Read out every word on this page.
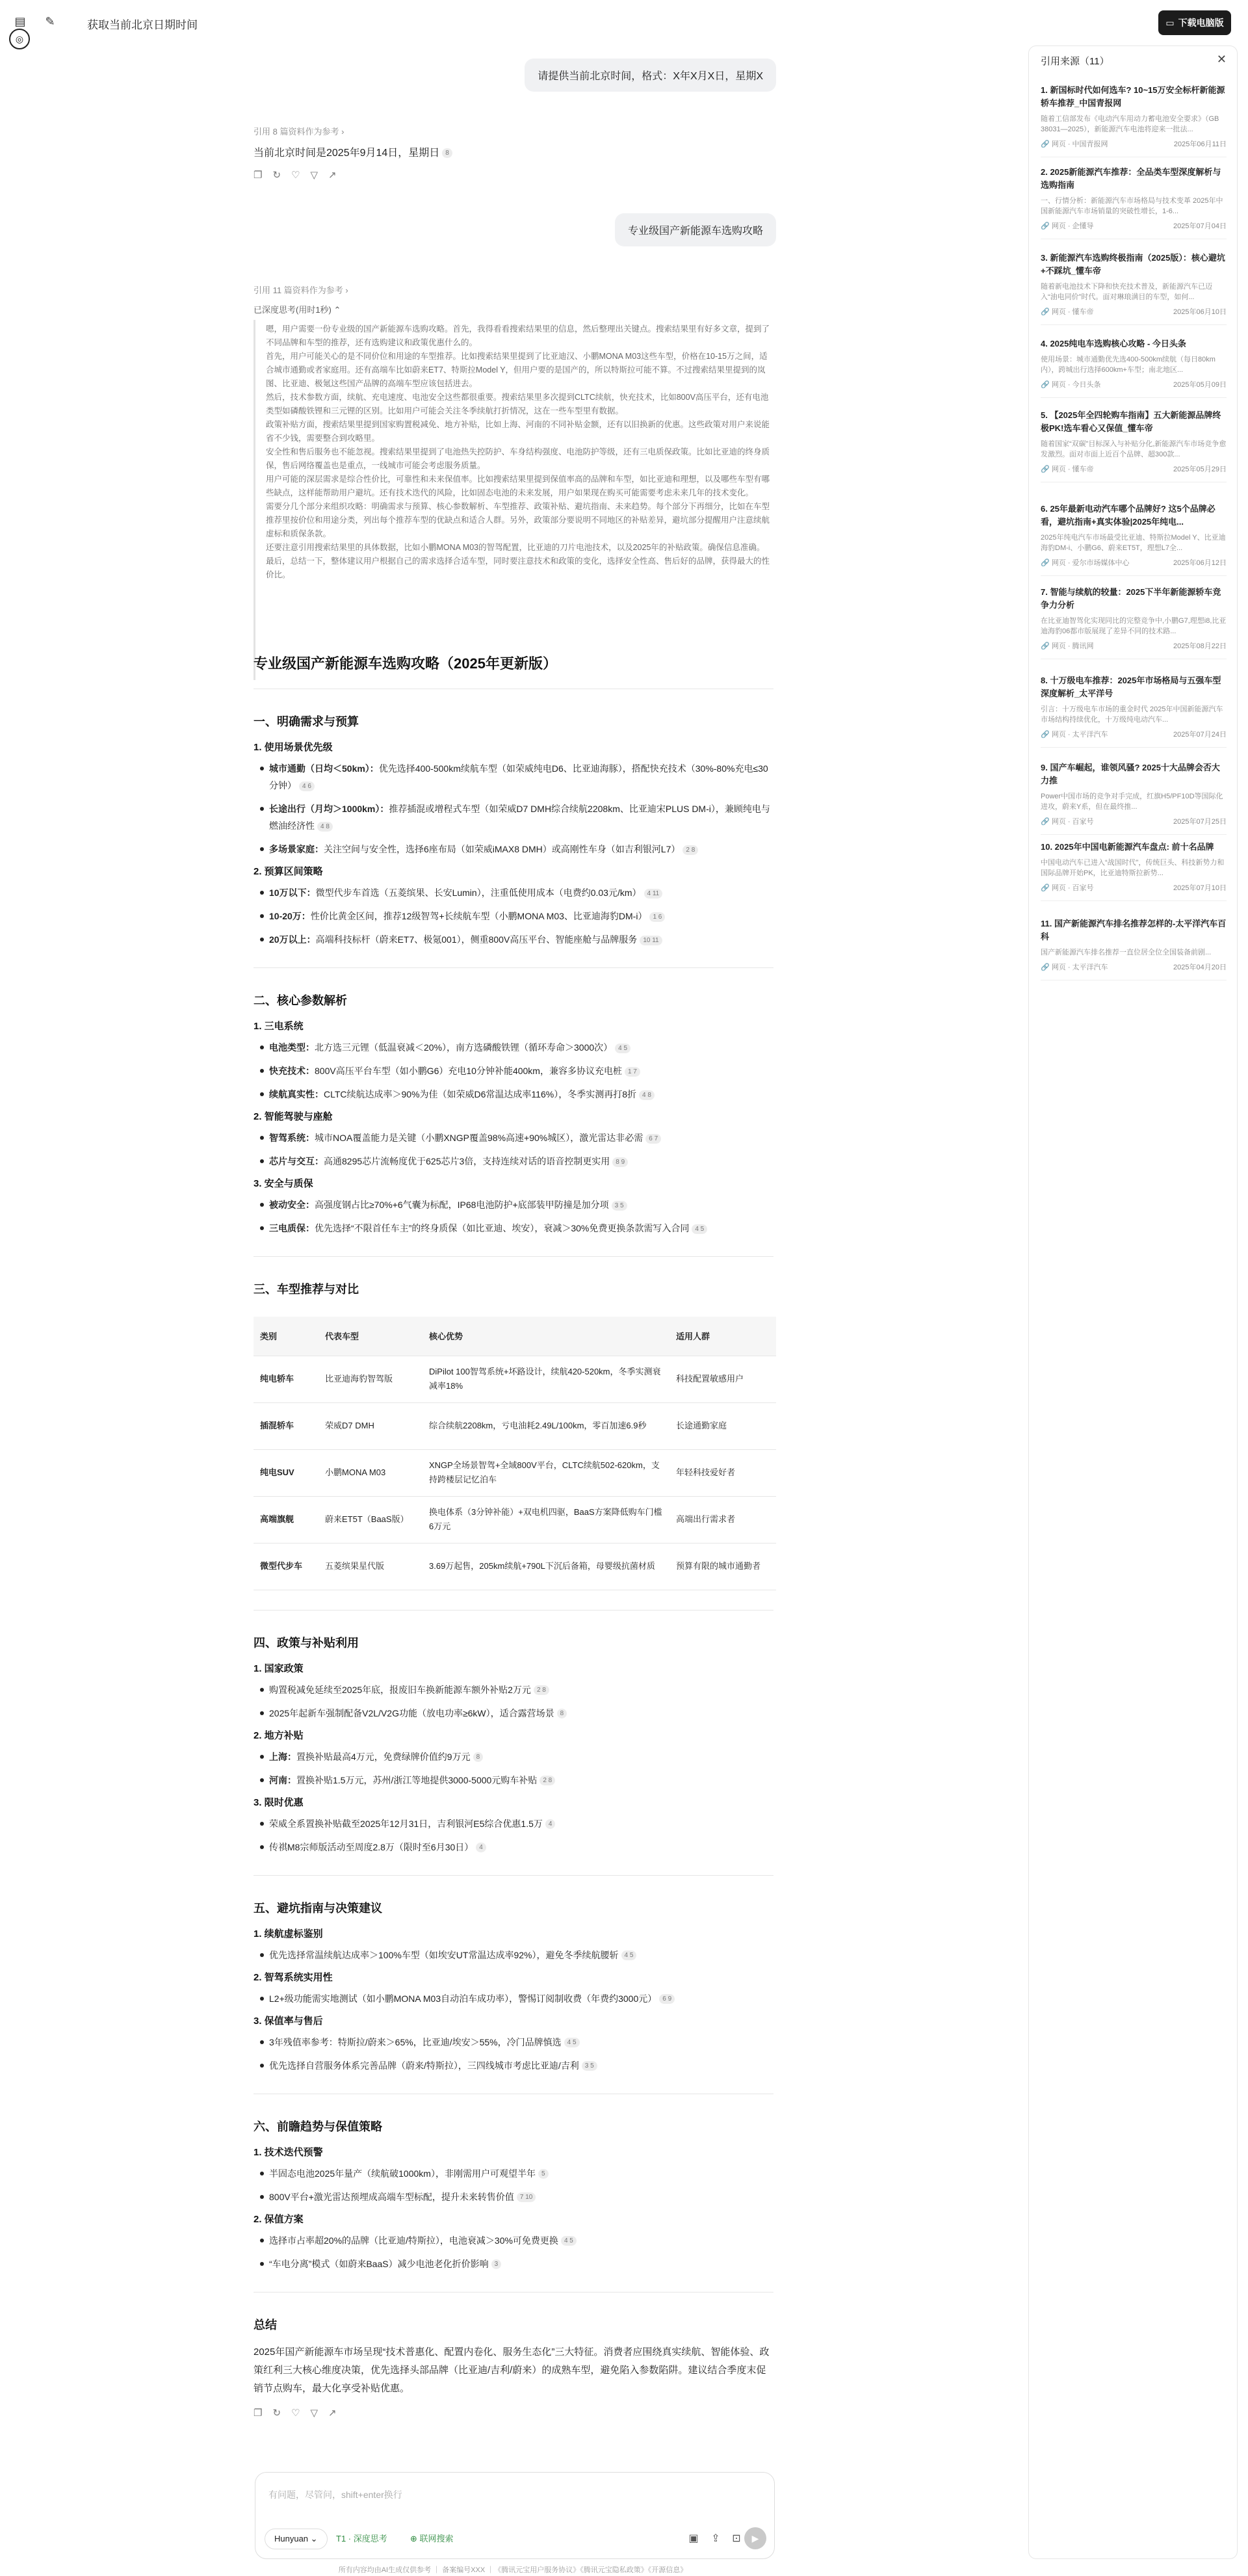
▤	✎	获取当前北京日期时间
◎
▭ 下载电脑版
请提供当前北京时间，格式：X年X月X日，星期X
引用 8 篇资料作为参考 ›
当前北京时间是2025年9月14日，星期日 8
❐ ↻ ♡ ▽ ↗
专业级国产新能源车选购攻略
引用 11 篇资料作为参考 ›
已深度思考(用时1秒) ⌃

嗯，用户需要一份专业级的国产新能源车选购攻略。首先，我得看看搜索结果里的信息，然后整理出关键点。搜索结果里有好多文章，提到了不同品牌和车型的推荐，还有选购建议和政策优惠什么的。

首先，用户可能关心的是不同价位和用途的车型推荐。比如搜索结果里提到了比亚迪汉、小鹏MONA M03这些车型，价格在10-15万之间，适合城市通勤或者家庭用。还有高端车比如蔚来ET7、特斯拉Model Y，但用户要的是国产的，所以特斯拉可能不算。不过搜索结果里提到的岚图、比亚迪、极氪这些国产品牌的高端车型应该包括进去。

然后，技术参数方面，续航、充电速度、电池安全这些都很重要。搜索结果里多次提到CLTC续航，快充技术，比如800V高压平台，还有电池类型如磷酸铁锂和三元锂的区别。比如用户可能会关注冬季续航打折情况，这在一些车型里有数据。

政策补贴方面，搜索结果里提到国家购置税减免、地方补贴，比如上海、河南的不同补贴金额，还有以旧换新的优惠。这些政策对用户来说能省不少钱，需要整合到攻略里。

安全性和售后服务也不能忽视。搜索结果里提到了电池热失控防护、车身结构强度、电池防护等级，还有三电质保政策。比如比亚迪的终身质保，售后网络覆盖也是重点，一线城市可能会考虑服务质量。

用户可能的深层需求是综合性价比，可靠性和未来保值率。比如搜索结果里提到保值率高的品牌和车型，如比亚迪和理想，以及哪些车型有哪些缺点，这样能帮助用户避坑。还有技术迭代的风险，比如固态电池的未来发展，用户如果现在购买可能需要考虑未来几年的技术变化。

需要分几个部分来组织攻略：明确需求与预算、核心参数解析、车型推荐、政策补贴、避坑指南、未来趋势。每个部分下再细分，比如在车型推荐里按价位和用途分类，列出每个推荐车型的优缺点和适合人群。另外，政策部分要说明不同地区的补贴差异，避坑部分提醒用户注意续航虚标和质保条款。

还要注意引用搜索结果里的具体数据，比如小鹏MONA M03的智驾配置，比亚迪的刀片电池技术，以及2025年的补贴政策。确保信息准确。

最后，总结一下，整体建议用户根据自己的需求选择合适车型，同时要注意技术和政策的变化，选择安全性高、售后好的品牌，获得最大的性价比。

专业级国产新能源车选购攻略（2025年更新版）
一、明确需求与预算
1. 使用场景优先级
城市通勤（日均＜50km）：优先选择400-500km续航车型（如荣威纯电D6、比亚迪海豚），搭配快充技术（30%-80%充电≤30分钟） 4 6
长途出行（月均＞1000km）：推荐插混或增程式车型（如荣威D7 DMH综合续航2208km、比亚迪宋PLUS DM-i），兼顾纯电与燃油经济性 4 8
多场景家庭：关注空间与安全性，选择6座布局（如荣威iMAX8 DMH）或高刚性车身（如吉利银河L7） 2 8
2. 预算区间策略
10万以下：微型代步车首选（五菱缤果、长安Lumin），注重低使用成本（电费约0.03元/km） 4 11
10-20万：性价比黄金区间，推荐12级智驾+长续航车型（小鹏MONA M03、比亚迪海豹DM-i） 1 6
20万以上：高端科技标杆（蔚来ET7、极氪001），侧重800V高压平台、智能座舱与品牌服务 10 11
二、核心参数解析
1. 三电系统
电池类型：北方选三元锂（低温衰减＜20%），南方选磷酸铁锂（循环寿命＞3000次） 4 5
快充技术：800V高压平台车型（如小鹏G6）充电10分钟补能400km，兼容多协议充电桩 1 7
续航真实性：CLTC续航达成率＞90%为佳（如荣威D6常温达成率116%），冬季实测再打8折 4 8
2. 智能驾驶与座舱
智驾系统：城市NOA覆盖能力是关键（小鹏XNGP覆盖98%高速+90%城区），激光雷达非必需 6 7
芯片与交互：高通8295芯片流畅度优于625芯片3倍，支持连续对话的语音控制更实用 8 9
3. 安全与质保
被动安全：高强度钢占比≥70%+6气囊为标配，IP68电池防护+底部装甲防撞是加分项 3 5
三电质保：优先选择“不限首任车主”的终身质保（如比亚迪、埃安），衰减＞30%免费更换条款需写入合同 4 5
三、车型推荐与对比
类别	代表车型	核心优势	适用人群
纯电轿车	比亚迪海豹智驾版	DiPilot 100智驾系统+坏路设计，续航420-520km，冬季实测衰减率18%	科技配置敏感用户
插混轿车	荣威D7 DMH	综合续航2208km，亏电油耗2.49L/100km，零百加速6.9秒	长途通勤家庭
纯电SUV	小鹏MONA M03	XNGP全场景智驾+全域800V平台，CLTC续航502-620km，支持跨楼层记忆泊车	年轻科技爱好者
高端旗舰	蔚来ET5T（BaaS版）	换电体系（3分钟补能）+双电机四驱，BaaS方案降低购车门槛6万元	高端出行需求者
微型代步车	五菱缤果星代版	3.69万起售，205km续航+790L下沉后备箱，母婴级抗菌材质	预算有限的城市通勤者
四、政策与补贴利用
1. 国家政策
购置税减免延续至2025年底，报废旧车换新能源车额外补贴2万元 2 8
2025年起新车强制配备V2L/V2G功能（放电功率≥6kW），适合露营场景 8
2. 地方补贴
上海：置换补贴最高4万元，免费绿牌价值约9万元 8
河南：置换补贴1.5万元，苏州/浙江等地提供3000-5000元购车补贴 2 8
3. 限时优惠
荣威全系置换补贴截至2025年12月31日，吉利银河E5综合优惠1.5万 4
传祺M8宗师版活动至周度2.8万（限时至6月30日） 4
五、避坑指南与决策建议
1. 续航虚标鉴别
优先选择常温续航达成率＞100%车型（如埃安UT常温达成率92%），避免冬季续航腰斩 4 5
2. 智驾系统实用性
L2+级功能需实地测试（如小鹏MONA M03自动泊车成功率），警惕订阅制收费（年费约3000元） 6 9
3. 保值率与售后
3年残值率参考：特斯拉/蔚来＞65%，比亚迪/埃安＞55%，冷门品牌慎选 4 5
优先选择自营服务体系完善品牌（蔚来/特斯拉），三四线城市考虑比亚迪/吉利 3 5
六、前瞻趋势与保值策略
1. 技术迭代预警
半固态电池2025年量产（续航破1000km），非刚需用户可观望半年 5
800V平台+激光雷达预埋成高端车型标配，提升未来转售价值 7 10
2. 保值方案
选择市占率超20%的品牌（比亚迪/特斯拉），电池衰减＞30%可免费更换 4 5
“车电分离”模式（如蔚来BaaS）减少电池老化折价影响 3
总结

2025年国产新能源车市场呈现“技术普惠化、配置内卷化、服务生态化”三大特征。消费者应围绕真实续航、智能体验、政策红利三大核心维度决策，优先选择头部品牌（比亚迪/吉利/蔚来）的成熟车型，避免陷入参数陷阱。建议结合季度末促销节点购车，最大化享受补贴优惠。

❐ ↻ ♡ ▽ ↗
有问题，尽管问，shift+enter换行
Hunyuan ⌄	T1 · 深度思考	⊕ 联网搜索	▣	⇪	⊡	▶
所有内容均由AI生成仅供参考 ｜ 备案编号XXX ｜《腾讯元宝用户服务协议》《腾讯元宝隐私政策》《开源信息》
引用来源（11）	✕
1. 新国标时代如何选车? 10~15万安全标杆新能源轿车推荐_中国青报网
随着工信部发布《电动汽车用动力蓄电池安全要求》（GB 38031—2025），新能源汽车电池将迎来一批法...
🔗 网页 · 中国青报网	2025年06月11日
2. 2025新能源汽车推荐：全品类车型深度解析与选购指南
一、行情分析：新能源汽车市场格局与技术变革 2025年中国新能源汽车市场销量的突破性增长，1-6...
🔗 网页 · 企懂导	2025年07月04日
3. 新能源汽车选购终极指南（2025版）：核心避坑+不踩坑_懂车帝
随着新电池技术下降和快充技术普及，新能源汽车已迈入“油电同价”时代。面对琳琅满目的车型，如何...
🔗 网页 · 懂车帝	2025年06月10日
4. 2025纯电车选购核心攻略 - 今日头条
使用场景：城市通勤优先选400-500km续航（每日80km内），跨城出行选择600km+车型；南北地区...
🔗 网页 · 今日头条	2025年05月09日
5. 【2025年全四轮购车指南】五大新能源品牌终极PK!选车看心又保值_懂车帝
随着国家“双碳”目标深入与补贴分化,新能源汽车市场竞争愈发激烈。面对市面上近百个品牌、超300款...
🔗 网页 · 懂车帝	2025年05月29日
6. 25年最新电动汽车哪个品牌好? 这5个品牌必看，避坑指南+真实体验|2025年纯电...
2025年纯电汽车市场最受比亚迪、特斯拉Model Y、比亚迪海豹DM-i、小鹏G6、蔚来ET5T，理想L7全...
🔗 网页 · 爱尔市场媒体中心	2025年06月12日
7. 智能与续航的较量：2025下半年新能源轿车竞争力分析
在比亚迪智驾化实现同比的完整竞争中,小鹏G7,理想i8,比亚迪海豹06都市版展现了差异不同的技术路...
🔗 网页 · 腾讯网	2025年08月22日
8. 十万级电车推荐：2025年市场格局与五强车型深度解析_太平洋号
引言：十万级电车市场的重金时代 2025年中国新能源汽车市场结构持续优化，十万级纯电动汽车...
🔗 网页 · 太平洋汽车	2025年07月24日
9. 国产车崛起，谁领风骚? 2025十大品牌会否大力推
Power中国市场的竞争对手完成，红旗H5/PF10D等国际化进攻，蔚来Y系，但在最终推...
🔗 网页 · 百家号	2025年07月25日
10. 2025年中国电新能源汽车盘点: 前十名品牌
中国电动汽车已进入“战国时代”，传统巨头、科技新势力和国际品牌开始PK，比亚迪特斯拉新势...
🔗 网页 · 百家号	2025年07月10日
11. 国产新能源汽车排名推荐怎样的-太平洋汽车百科
国产新能源汽车排名推荐一直位居全位全国装备前剧...
🔗 网页 · 太平洋汽车	2025年04月20日
